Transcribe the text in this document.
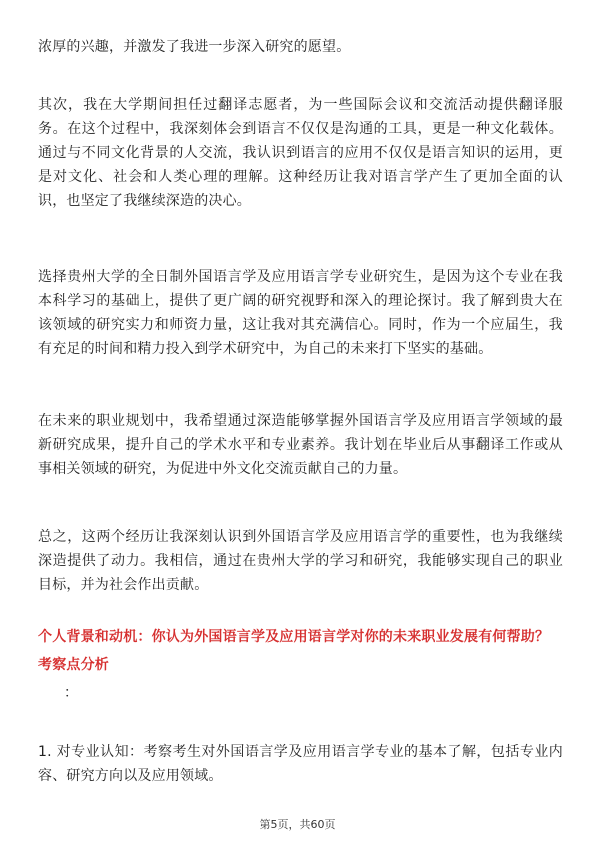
浓厚的兴趣，并激发了我进一步深入研究的愿望。

其次，我在大学期间担任过翻译志愿者，为一些国际会议和交流活动提供翻译服务。在这个过程中，我深刻体会到语言不仅仅是沟通的工具，更是一种文化载体。通过与不同文化背景的人交流，我认识到语言的应用不仅仅是语言知识的运用，更是对文化、社会和人类心理的理解。这种经历让我对语言学产生了更加全面的认识，也坚定了我继续深造的决心。

选择贵州大学的全日制外国语言学及应用语言学专业研究生，是因为这个专业在我本科学习的基础上，提供了更广阔的研究视野和深入的理论探讨。我了解到贵大在该领域的研究实力和师资力量，这让我对其充满信心。同时，作为一个应届生，我有充足的时间和精力投入到学术研究中，为自己的未来打下坚实的基础。

在未来的职业规划中，我希望通过深造能够掌握外国语言学及应用语言学领域的最新研究成果，提升自己的学术水平和专业素养。我计划在毕业后从事翻译工作或从事相关领域的研究，为促进中外文化交流贡献自己的力量。

总之，这两个经历让我深刻认识到外国语言学及应用语言学的重要性，也为我继续深造提供了动力。我相信，通过在贵州大学的学习和研究，我能够实现自己的职业目标，并为社会作出贡献。

个人背景和动机：你认为外国语言学及应用语言学对你的未来职业发展有何帮助？

考察点分析

：

1. 对专业认知：考察考生对外国语言学及应用语言学专业的基本了解，包括专业内容、研究方向以及应用领域。

第5页，共60页
